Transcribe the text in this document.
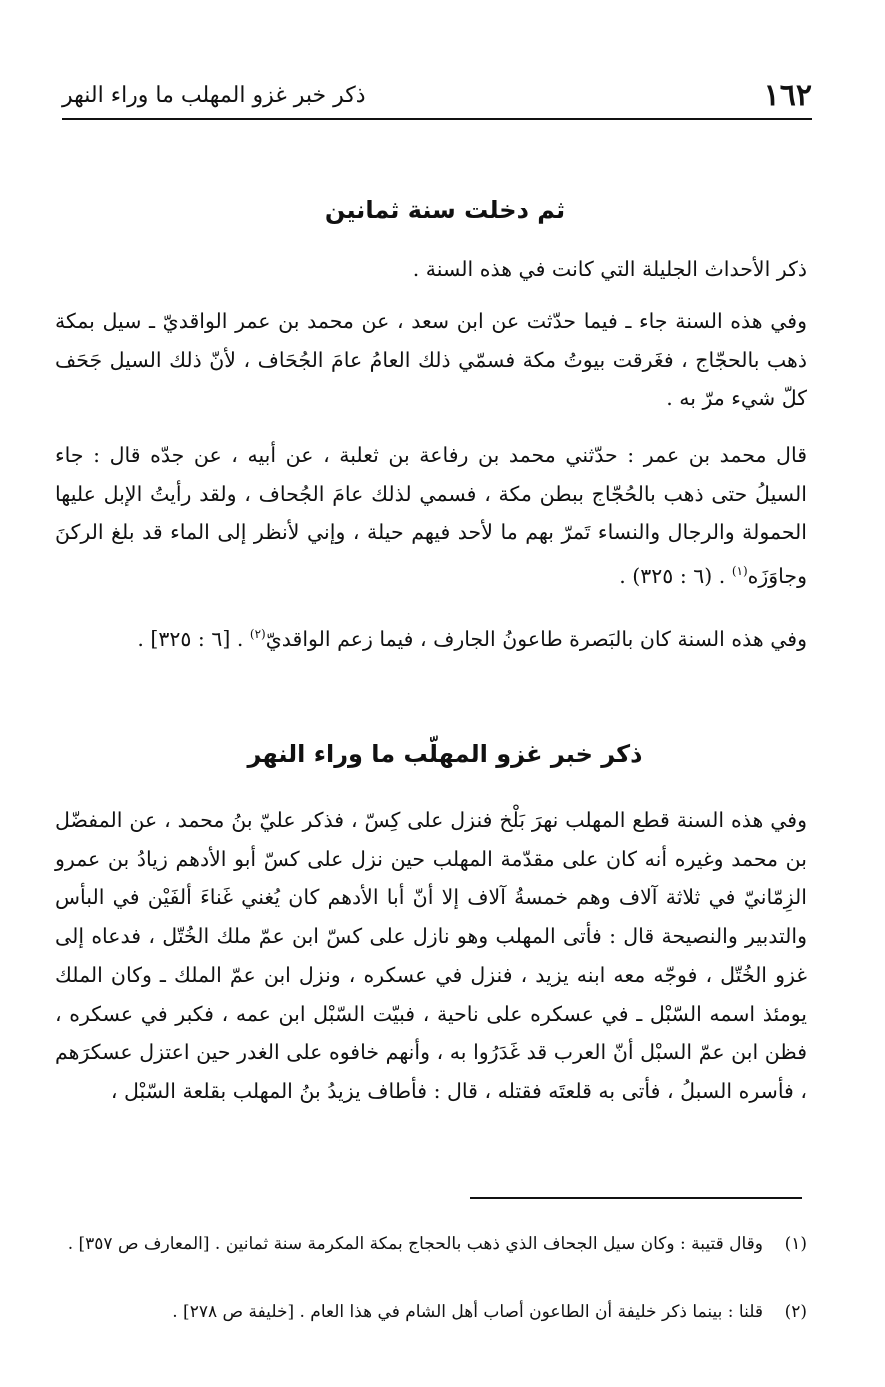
١٦٢
ذكر خبر غزو المهلب ما وراء النهر
ثم دخلت سنة ثمانين

ذكر الأحداث الجليلة التي كانت في هذه السنة .

وفي هذه السنة جاء ـ فيما حدّثت عن ابن سعد ، عن محمد بن عمر الواقديّ ـ سيل بمكة ذهب بالحجّاج ، فغَرقت بيوتُ مكة فسمّي ذلك العامُ عامَ الجُحَاف ، لأنّ ذلك السيل جَحَف كلّ شيء مرّ به .

قال محمد بن عمر : حدّثني محمد بن رفاعة بن ثعلبة ، عن أبيه ، عن جدّه قال : جاء السيلُ حتى ذهب بالحُجّاج ببطن مكة ، فسمي لذلك عامَ الجُحاف ، ولقد رأيتُ الإبل عليها الحمولة والرجال والنساء تَمرّ بهم ما لأحد فيهم حيلة ، وإني لأنظر إلى الماء قد بلغ الركنَ وجاوَزَه$^{(١)}$ . (٦ : ٣٢٥) .

وفي هذه السنة كان بالبَصرة طاعونُ الجارف ، فيما زعم الواقديّ$^{(٢)}$ . [٦ : ٣٢٥] .

ذكر خبر غزو المهلّب ما وراء النهر

وفي هذه السنة قطع المهلب نهرَ بَلْخ فنزل على كِسّ ، فذكر عليّ بنُ محمد ، عن المفضّل بن محمد وغيره أنه كان على مقدّمة المهلب حين نزل على كسّ أبو الأدهم زيادُ بن عمرو الزِمّانيّ في ثلاثة آلاف وهم خمسةُ آلاف إلا أنّ أبا الأدهم كان يُغني غَناءَ ألفَيْن في البأس والتدبير والنصيحة قال : فأتى المهلب وهو نازل على كسّ ابن عمّ ملك الخُتّل ، فدعاه إلى غزو الخُتّل ، فوجّه معه ابنه يزيد ، فنزل في عسكره ، ونزل ابن عمّ الملك ـ وكان الملك يومئذ اسمه السّبْل ـ في عسكره على ناحية ، فبيّت السّبْل ابن عمه ، فكبر في عسكره ، فظن ابن عمّ السبْل أنّ العرب قد غَدَرُوا به ، وأنهم خافوه على الغدر حين اعتزل عسكرَهم ، فأسره السبلُ ، فأتى به قلعتَه فقتله ، قال : فأطاف يزيدُ بنُ المهلب بقلعة السّبْل ،

(١)وقال قتيبة : وكان سيل الجحاف الذي ذهب بالحجاج بمكة المكرمة سنة ثمانين . [المعارف ص ٣٥٧] .
(٢)قلنا : بينما ذكر خليفة أن الطاعون أصاب أهل الشام في هذا العام . [خليفة ص ٢٧٨] .
